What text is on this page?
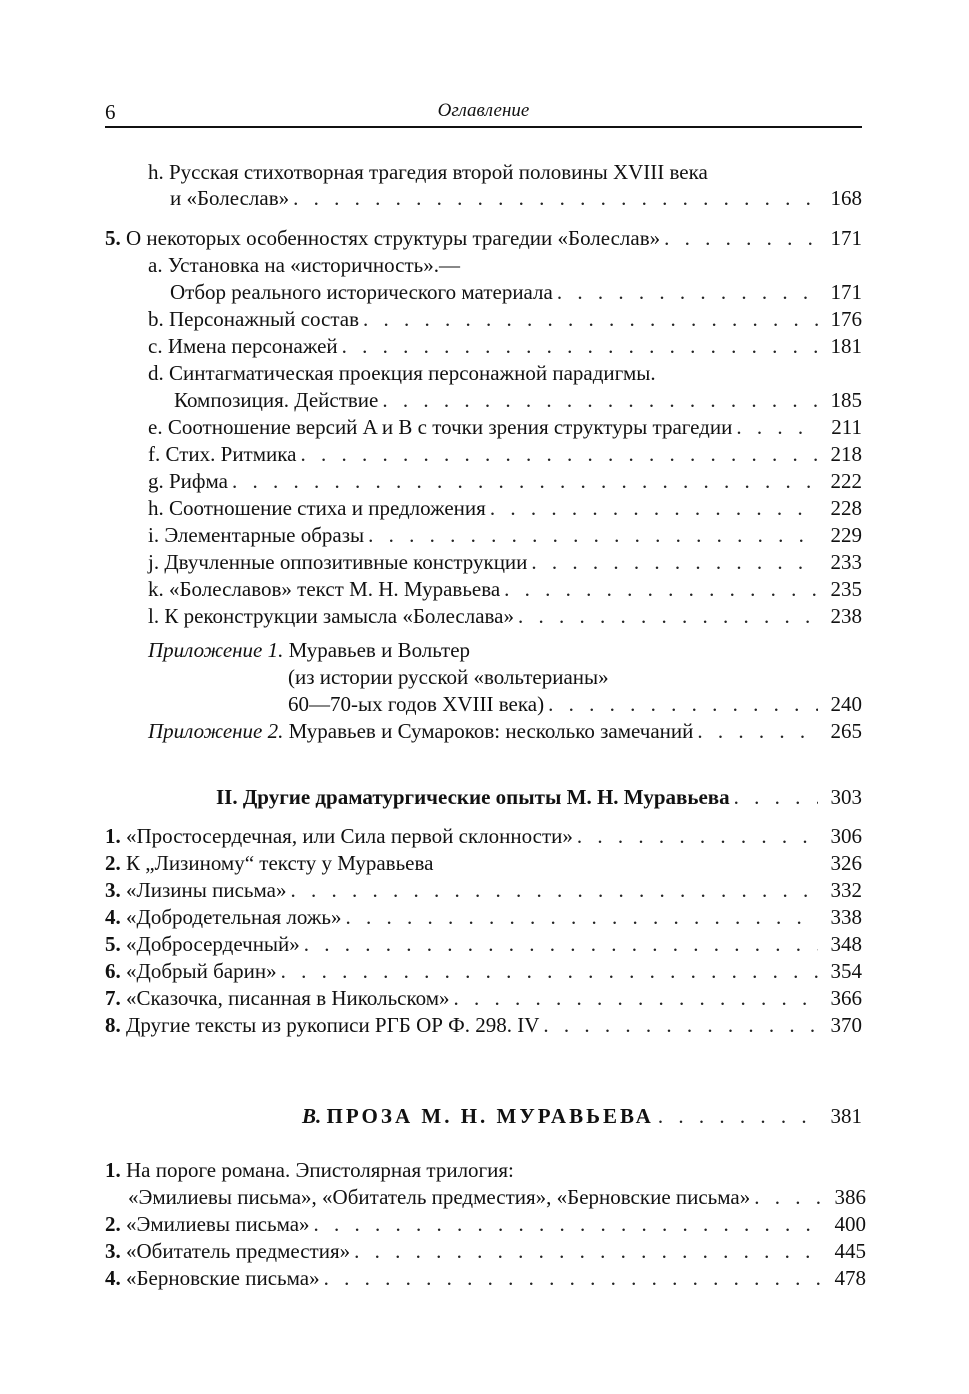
6	Оглавление
h. Русская стихотворная трагедия второй половины XVIII века
и «Болеслав» . . .	168
5. О некоторых особенностях структуры трагедии «Болеслав» . . .	171
a. Установка на «историчность».—
Отбор реального исторического материала . . .	171
b. Персонажный состав . . .	176
c. Имена персонажей . . .	181
d. Синтагматическая проекция персонажной парадигмы.
Композиция. Действие . . .	185
e. Соотношение версий A и B с точки зрения структуры трагедии . . .	211
f. Стих. Ритмика . . .	218
g. Рифма . . .	222
h. Соотношение стиха и предложения . . .	228
i. Элементарные образы . . .	229
j. Двучленные оппозитивные конструкции . . .	233
k. «Болеславов» текст М. Н. Муравьева . . .	235
l. К реконструкции замысла «Болеслава» . . .	238
Приложение 1. Муравьев и Вольтер
(из истории русской «вольтерианы»
60—70-ых годов XVIII века) . . .	240
Приложение 2. Муравьев и Сумароков: несколько замечаний . . .	265
II. Другие драматургические опыты М. Н. Муравьева . . .	303
1. «Простосердечная, или Сила первой склонности» . . .	306
2. К „Лизиному“ тексту у Муравьева	326
3. «Лизины письма» . . .	332
4. «Добродетельная ложь» . . .	338
5. «Добросердечный» . . .	348
6. «Добрый барин» . . .	354
7. «Сказочка, писанная в Никольском» . . .	366
8. Другие тексты из рукописи РГБ ОР Ф. 298. IV . . .	370
B. ПРОЗА М. Н. МУРАВЬЕВА . . .	381
1. На пороге романа. Эпистолярная трилогия:
«Эмилиевы письма», «Обитатель предместия», «Берновские письма» . . .	386
2. «Эмилиевы письма» . . .	400
3. «Обитатель предместия» . . .	445
4. «Берновские письма» . . .	478
